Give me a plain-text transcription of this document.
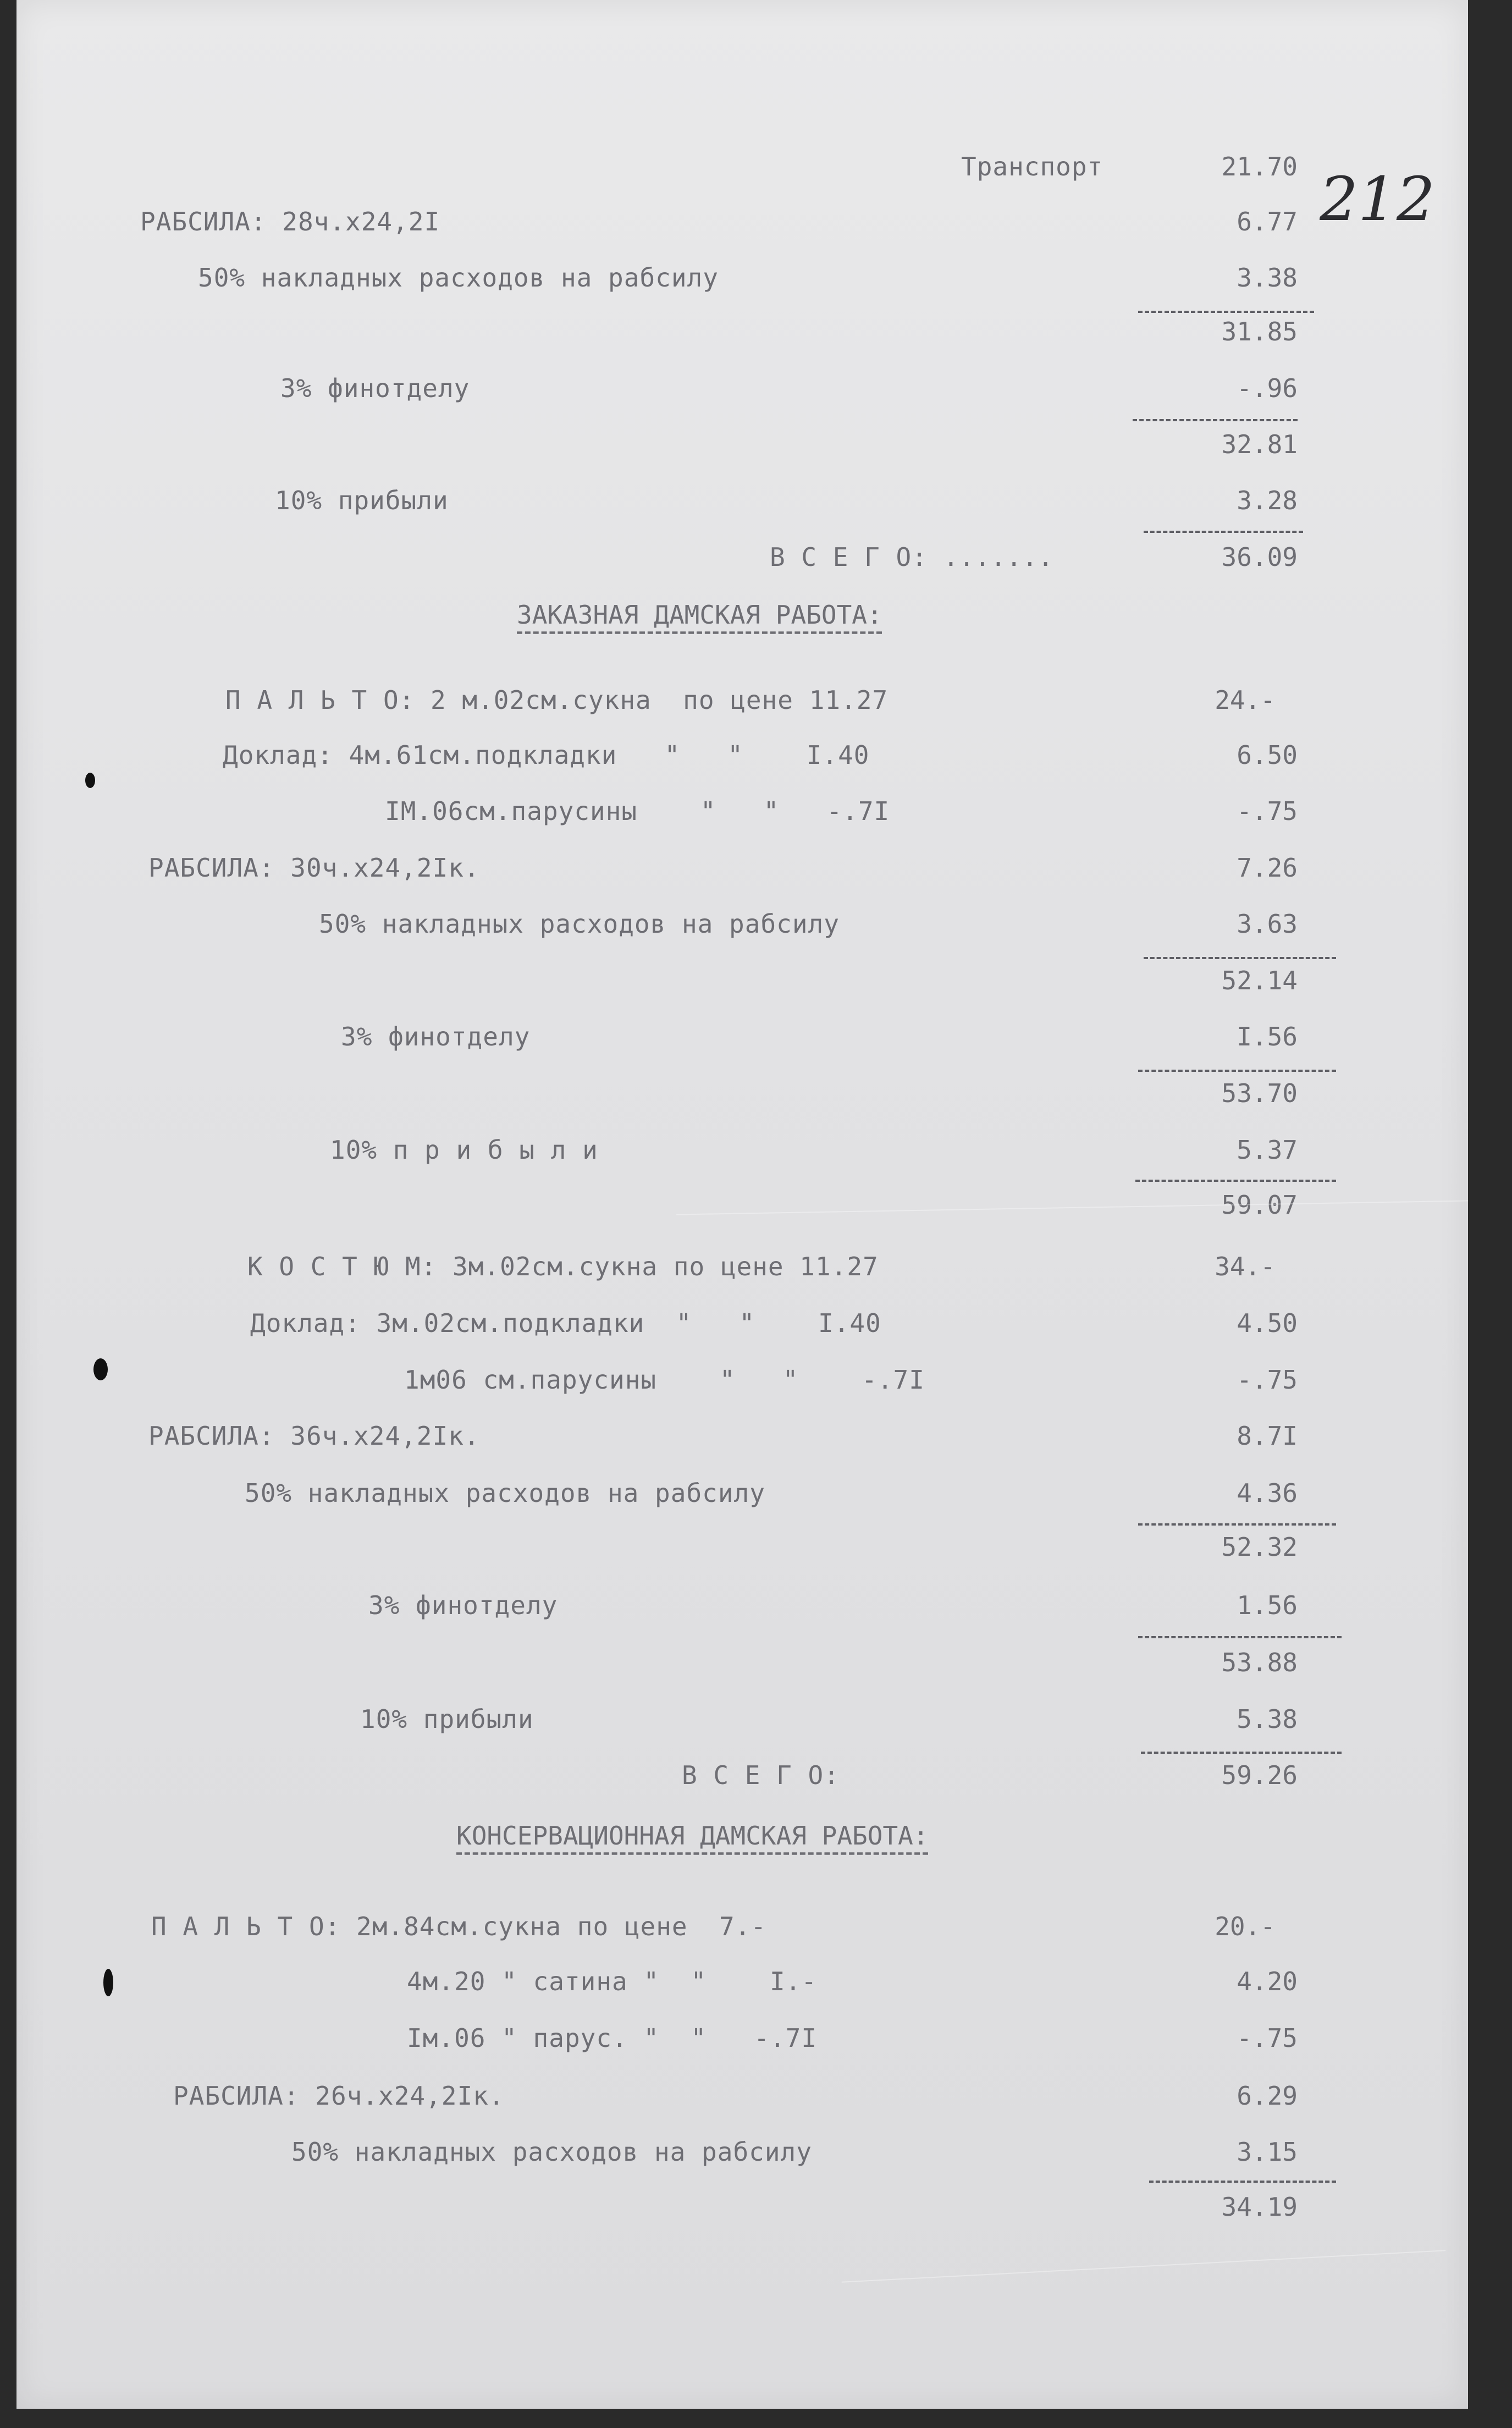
212
Транспорт	21.70
РАБСИЛА: 28ч.х24,2I	6.77
50% накладных расходов на рабсилу	3.38
31.85
3% финотделу	-.96
32.81
10% прибыли	3.28
В С Е Г О: .......	36.09
ЗАКАЗНАЯ ДАМСКАЯ РАБОТА:
П А Л Ь Т О: 2 м.02см.сукна  по цене 11.27	24.-
Доклад: 4м.61см.подкладки   "   "    I.40	6.50
IM.06см.парусины    "   "   -.7I	-.75
РАБСИЛА: 30ч.х24,2Iк.	7.26
50% накладных расходов на рабсилу	3.63
52.14
3% финотделу	I.56
53.70
10% п р и б ы л и	5.37
59.07
К О С Т Ю М: 3м.02см.сукна по цене 11.27	34.-
Доклад: 3м.02см.подкладки  "   "    I.40	4.50
1м06 см.парусины    "   "    -.7I	-.75
РАБСИЛА: 36ч.х24,2Iк.	8.7I
50% накладных расходов на рабсилу	4.36
52.32
3% финотделу	1.56
53.88
10% прибыли	5.38
В С Е Г О:	59.26
КОНСЕРВАЦИОННАЯ ДАМСКАЯ РАБОТА:
П А Л Ь Т О: 2м.84см.сукна по цене  7.-	20.-
4м.20 " сатина "  "    I.-	4.20
Iм.06 " парус. "  "   -.7I	-.75
РАБСИЛА: 26ч.х24,2Iк.	6.29
50% накладных расходов на рабсилу	3.15
34.19
